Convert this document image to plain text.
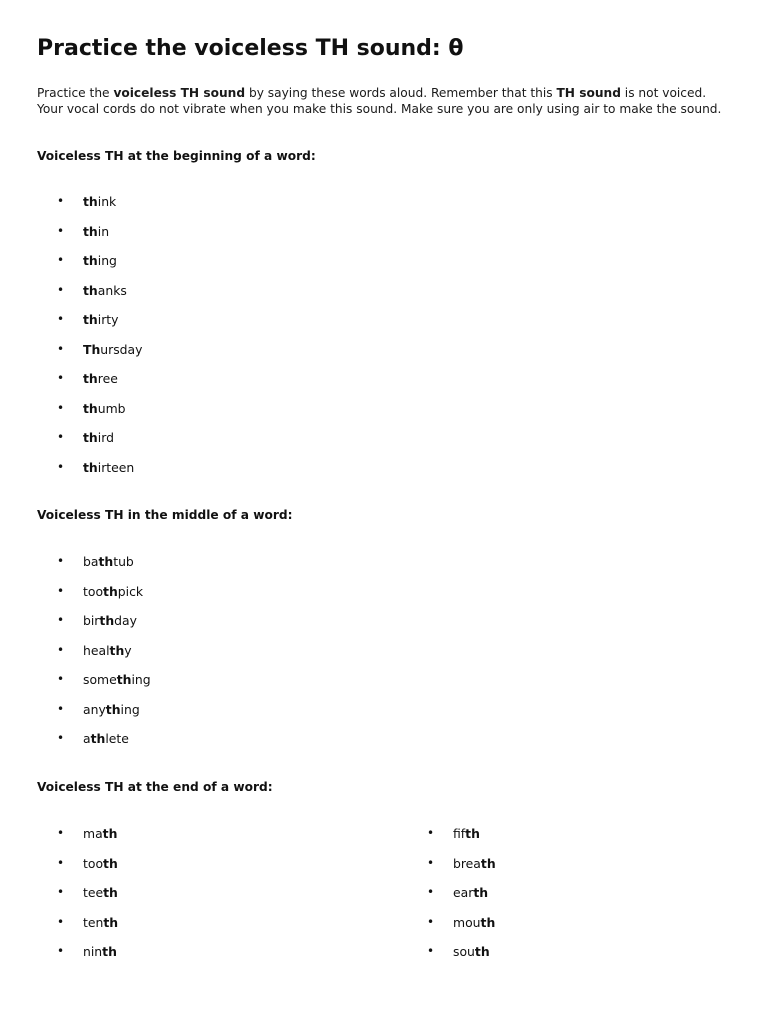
Practice the voiceless TH sound: θ

Practice the voiceless TH sound by saying these words aloud. Remember that this TH sound is not voiced. Your vocal cords do not vibrate when you make this sound. Make sure you are only using air to make the sound.

Voiceless TH at the beginning of a word:

• think
• thin
• thing
• thanks
• thirty
• Thursday
• three
• thumb
• third
• thirteen

Voiceless TH in the middle of a word:

• bathtub
• toothpick
• birthday
• healthy
• something
• anything
• athlete

Voiceless TH at the end of a word:

• math
• tooth
• teeth
• tenth
• ninth
• fifth
• breath
• earth
• mouth
• south
